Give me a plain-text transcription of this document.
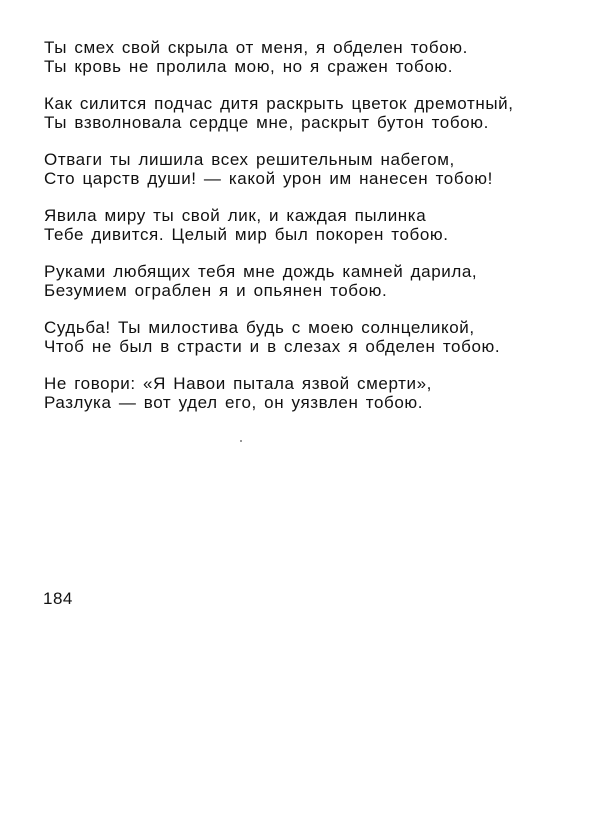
Ты смех свой скрыла от меня, я обделен тобою.
Ты кровь не пролила мою, но я сражен тобою.
Как силится подчас дитя раскрыть цветок дремотный,
Ты взволновала сердце мне, раскрыт бутон тобою.
Отваги ты лишила всех решительным набегом,
Сто царств души! — какой урон им нанесен тобою!
Явила миру ты свой лик, и каждая пылинка
Тебе дивится. Целый мир был покорен тобою.
Руками любящих тебя мне дождь камней дарила,
Безумием ограблен я и опьянен тобою.
Судьба! Ты милостива будь с моею солнцеликой,
Чтоб не был в страсти и в слезах я обделен тобою.
Не говори: «Я Навои пытала язвой смерти»,
Разлука — вот удел его, он уязвлен тобою.
184
